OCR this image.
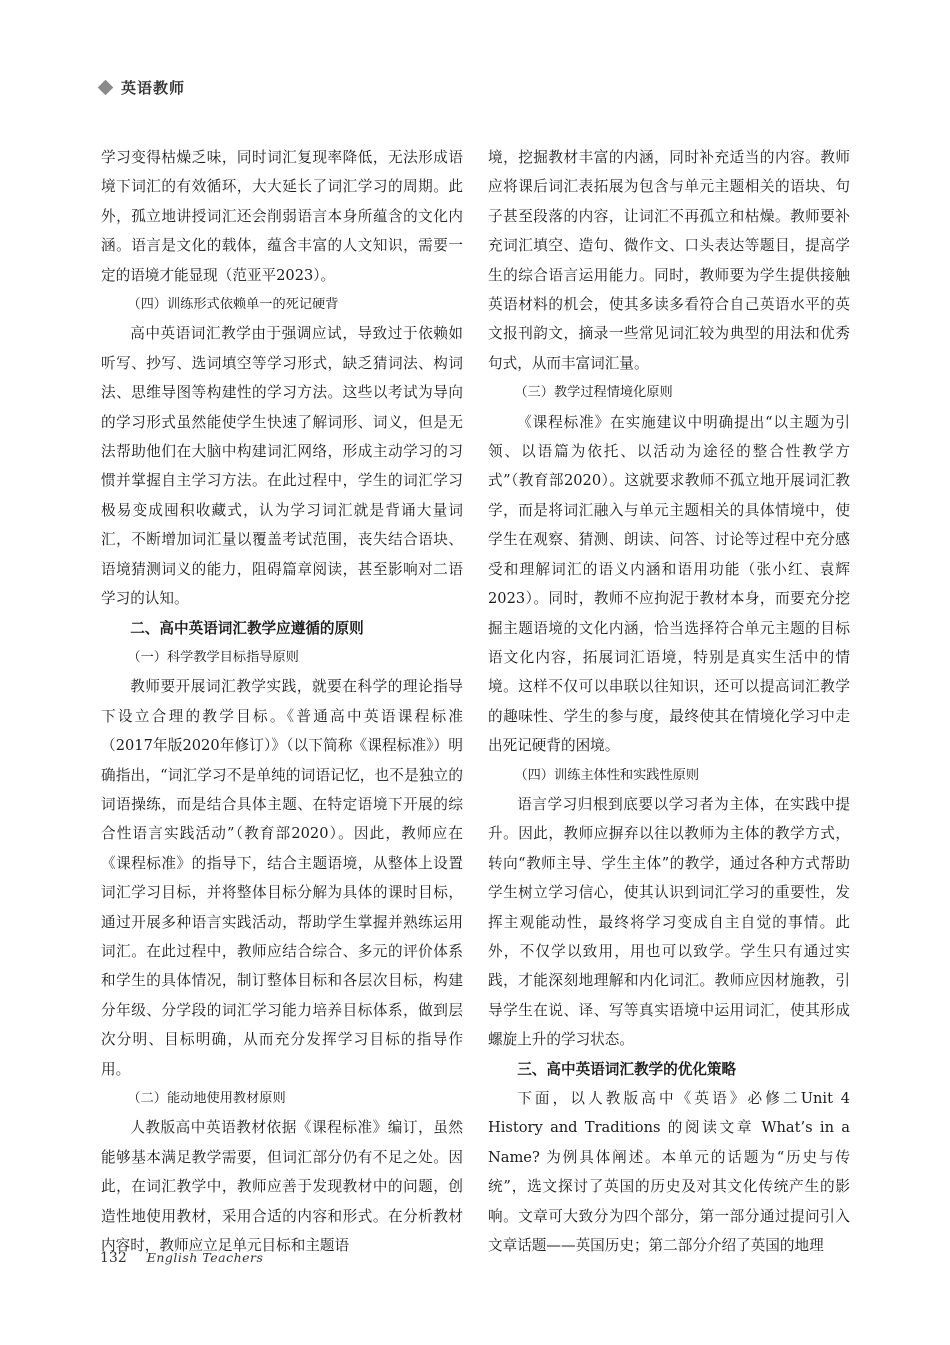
英语教师

学习变得枯燥乏味，同时词汇复现率降低，无法形成语境下词汇的有效循环，大大延长了词汇学习的周期。此外，孤立地讲授词汇还会削弱语言本身所蕴含的文化内涵。语言是文化的载体，蕴含丰富的人文知识，需要一定的语境才能显现（范亚平2023）。

（四）训练形式依赖单一的死记硬背

高中英语词汇教学由于强调应试，导致过于依赖如听写、抄写、选词填空等学习形式，缺乏猜词法、构词法、思维导图等构建性的学习方法。这些以考试为导向的学习形式虽然能使学生快速了解词形、词义，但是无法帮助他们在大脑中构建词汇网络，形成主动学习的习惯并掌握自主学习方法。在此过程中，学生的词汇学习极易变成囤积收藏式，认为学习词汇就是背诵大量词汇，不断增加词汇量以覆盖考试范围，丧失结合语块、语境猜测词义的能力，阻碍篇章阅读，甚至影响对二语学习的认知。

二、高中英语词汇教学应遵循的原则
（一）科学教学目标指导原则

教师要开展词汇教学实践，就要在科学的理论指导下设立合理的教学目标。《普通高中英语课程标准（2017年版2020年修订）》（以下简称《课程标准》）明确指出，“词汇学习不是单纯的词语记忆，也不是独立的词语操练，而是结合具体主题、在特定语境下开展的综合性语言实践活动”（教育部2020）。因此，教师应在《课程标准》的指导下，结合主题语境，从整体上设置词汇学习目标，并将整体目标分解为具体的课时目标，通过开展多种语言实践活动，帮助学生掌握并熟练运用词汇。在此过程中，教师应结合综合、多元的评价体系和学生的具体情况，制订整体目标和各层次目标，构建分年级、分学段的词汇学习能力培养目标体系，做到层次分明、目标明确，从而充分发挥学习目标的指导作用。

（二）能动地使用教材原则

人教版高中英语教材依据《课程标准》编订，虽然能够基本满足教学需要，但词汇部分仍有不足之处。因此，在词汇教学中，教师应善于发现教材中的问题，创造性地使用教材，采用合适的内容和形式。在分析教材内容时，教师应立足单元目标和主题语

境，挖掘教材丰富的内涵，同时补充适当的内容。教师应将课后词汇表拓展为包含与单元主题相关的语块、句子甚至段落的内容，让词汇不再孤立和枯燥。教师要补充词汇填空、造句、微作文、口头表达等题目，提高学生的综合语言运用能力。同时，教师要为学生提供接触英语材料的机会，使其多读多看符合自己英语水平的英文报刊韵文，摘录一些常见词汇较为典型的用法和优秀句式，从而丰富词汇量。

（三）教学过程情境化原则

《课程标准》在实施建议中明确提出“以主题为引领、以语篇为依托、以活动为途径的整合性教学方式”（教育部2020）。这就要求教师不孤立地开展词汇教学，而是将词汇融入与单元主题相关的具体情境中，使学生在观察、猜测、朗读、问答、讨论等过程中充分感受和理解词汇的语义内涵和语用功能（张小红、袁辉2023）。同时，教师不应拘泥于教材本身，而要充分挖掘主题语境的文化内涵，恰当选择符合单元主题的目标语文化内容，拓展词汇语境，特别是真实生活中的情境。这样不仅可以串联以往知识，还可以提高词汇教学的趣味性、学生的参与度，最终使其在情境化学习中走出死记硬背的困境。

（四）训练主体性和实践性原则

语言学习归根到底要以学习者为主体，在实践中提升。因此，教师应摒弃以往以教师为主体的教学方式，转向“教师主导、学生主体”的教学，通过各种方式帮助学生树立学习信心，使其认识到词汇学习的重要性，发挥主观能动性，最终将学习变成自主自觉的事情。此外，不仅学以致用，用也可以致学。学生只有通过实践，才能深刻地理解和内化词汇。教师应因材施教，引导学生在说、译、写等真实语境中运用词汇，使其形成螺旋上升的学习状态。

三、高中英语词汇教学的优化策略

下面，以人教版高中《英语》必修二Unit 4 History and Traditions 的阅读文章 What’s in a Name? 为例具体阐述。本单元的话题为“历史与传统”，选文探讨了英国的历史及对其文化传统产生的影响。文章可大致分为四个部分，第一部分通过提问引入文章话题——英国历史；第二部分介绍了英国的地理

132 English Teachers
